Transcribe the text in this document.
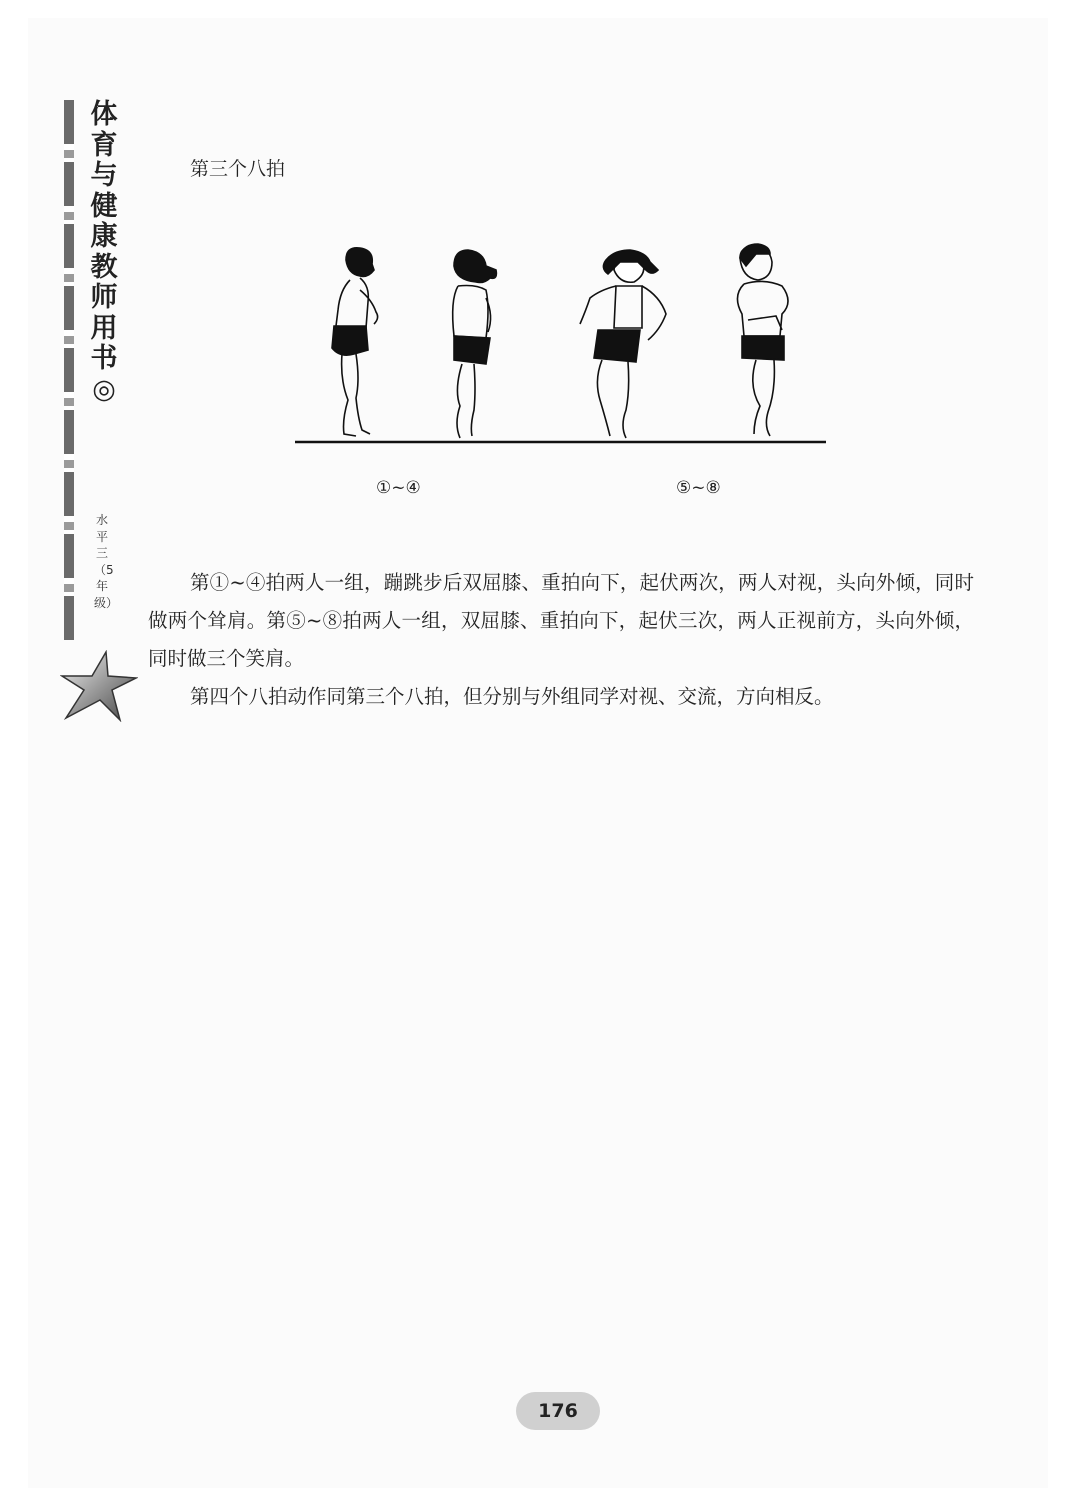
体育与健康教师用书◎
水平三（5年级）
第三个八拍
①~④	⑤~⑧

第①~④拍两人一组，蹦跳步后双屈膝、重拍向下，起伏两次，两人对视，头向外倾，同时做两个耸肩。第⑤~⑧拍两人一组，双屈膝、重拍向下，起伏三次，两人正视前方，头向外倾，同时做三个笑肩。

第四个八拍动作同第三个八拍，但分别与外组同学对视、交流，方向相反。

176
